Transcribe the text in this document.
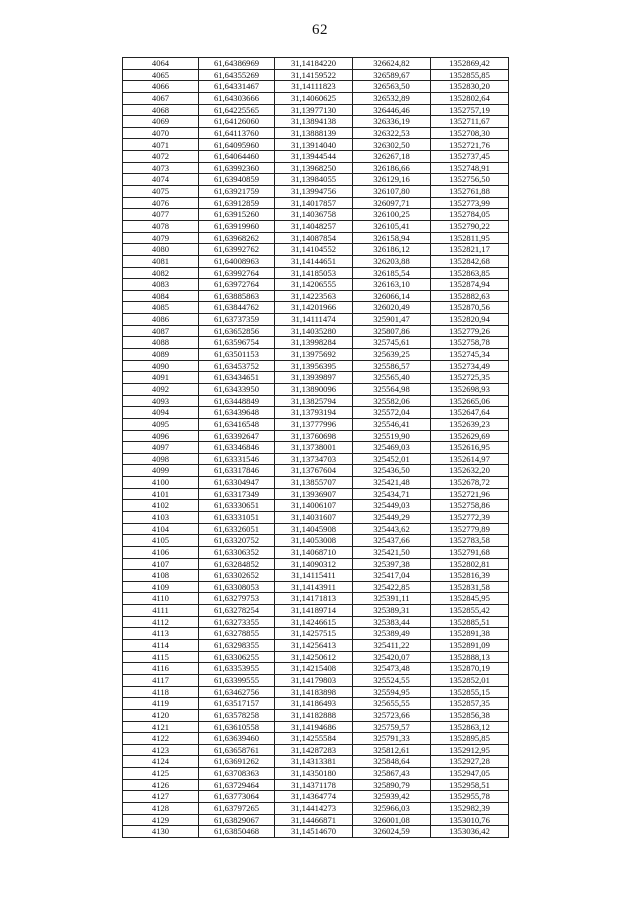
62
4064	61,64386969	31,14184220	326624,82	1352869,42
4065	61,64355269	31,14159522	326589,67	1352855,85
4066	61,64331467	31,14111823	326563,50	1352830,20
4067	61,64303666	31,14060625	326532,89	1352802,64
4068	61,64225565	31,13977130	326446,46	1352757,19
4069	61,64126060	31,13894138	326336,19	1352711,67
4070	61,64113760	31,13888139	326322,53	1352708,30
4071	61,64095960	31,13914040	326302,50	1352721,76
4072	61,64064460	31,13944544	326267,18	1352737,45
4073	61,63992360	31,13968250	326186,66	1352748,91
4074	61,63940859	31,13984055	326129,16	1352756,50
4075	61,63921759	31,13994756	326107,80	1352761,88
4076	61,63912859	31,14017857	326097,71	1352773,99
4077	61,63915260	31,14036758	326100,25	1352784,05
4078	61,63919960	31,14048257	326105,41	1352790,22
4079	61,63968262	31,14087854	326158,94	1352811,95
4080	61,63992762	31,14104552	326186,12	1352821,17
4081	61,64008963	31,14144651	326203,88	1352842,68
4082	61,63992764	31,14185053	326185,54	1352863,85
4083	61,63972764	31,14206555	326163,10	1352874,94
4084	61,63885863	31,14223563	326066,14	1352882,63
4085	61,63844762	31,14201966	326020,49	1352870,56
4086	61,63737359	31,14111474	325901,47	1352820,94
4087	61,63652856	31,14035280	325807,86	1352779,26
4088	61,63596754	31,13998284	325745,61	1352758,78
4089	61,63501153	31,13975692	325639,25	1352745,34
4090	61,63453752	31,13956395	325586,57	1352734,49
4091	61,63434651	31,13939897	325565,40	1352725,35
4092	61,63433950	31,13890096	325564,98	1352698,93
4093	61,63448849	31,13825794	325582,06	1352665,06
4094	61,63439648	31,13793194	325572,04	1352647,64
4095	61,63416548	31,13777996	325546,41	1352639,23
4096	61,63392647	31,13760698	325519,90	1352629,69
4097	61,63346846	31,13738001	325469,03	1352616,95
4098	61,63331546	31,13734703	325452,01	1352614,97
4099	61,63317846	31,13767604	325436,50	1352632,20
4100	61,63304947	31,13855707	325421,48	1352678,72
4101	61,63317349	31,13936907	325434,71	1352721,96
4102	61,63330651	31,14006107	325449,03	1352758,86
4103	61,63331051	31,14031607	325449,29	1352772,39
4104	61,63326051	31,14045908	325443,62	1352779,89
4105	61,63320752	31,14053008	325437,66	1352783,58
4106	61,63306352	31,14068710	325421,50	1352791,68
4107	61,63284852	31,14090312	325397,38	1352802,81
4108	61,63302652	31,14115411	325417,04	1352816,39
4109	61,63308053	31,14143911	325422,85	1352831,58
4110	61,63279753	31,14171813	325391,11	1352845,95
4111	61,63278254	31,14189714	325389,31	1352855,42
4112	61,63273355	31,14246615	325383,44	1352885,51
4113	61,63278855	31,14257515	325389,49	1352891,38
4114	61,63298355	31,14256413	325411,22	1352891,09
4115	61,63306255	31,14250612	325420,07	1352888,13
4116	61,63353955	31,14215408	325473,48	1352870,19
4117	61,63399555	31,14179803	325524,55	1352852,01
4118	61,63462756	31,14183898	325594,95	1352855,15
4119	61,63517157	31,14186493	325655,55	1352857,35
4120	61,63578258	31,14182888	325723,66	1352856,38
4121	61,63610558	31,14194686	325759,57	1352863,12
4122	61,63639460	31,14255584	325791,33	1352895,85
4123	61,63658761	31,14287283	325812,61	1352912,95
4124	61,63691262	31,14313381	325848,64	1352927,28
4125	61,63708363	31,14350180	325867,43	1352947,05
4126	61,63729464	31,14371178	325890,79	1352958,51
4127	61,63773064	31,14364774	325939,42	1352955,78
4128	61,63797265	31,14414273	325966,03	1352982,39
4129	61,63829067	31,14466871	326001,08	1353010,76
4130	61,63850468	31,14514670	326024,59	1353036,42
